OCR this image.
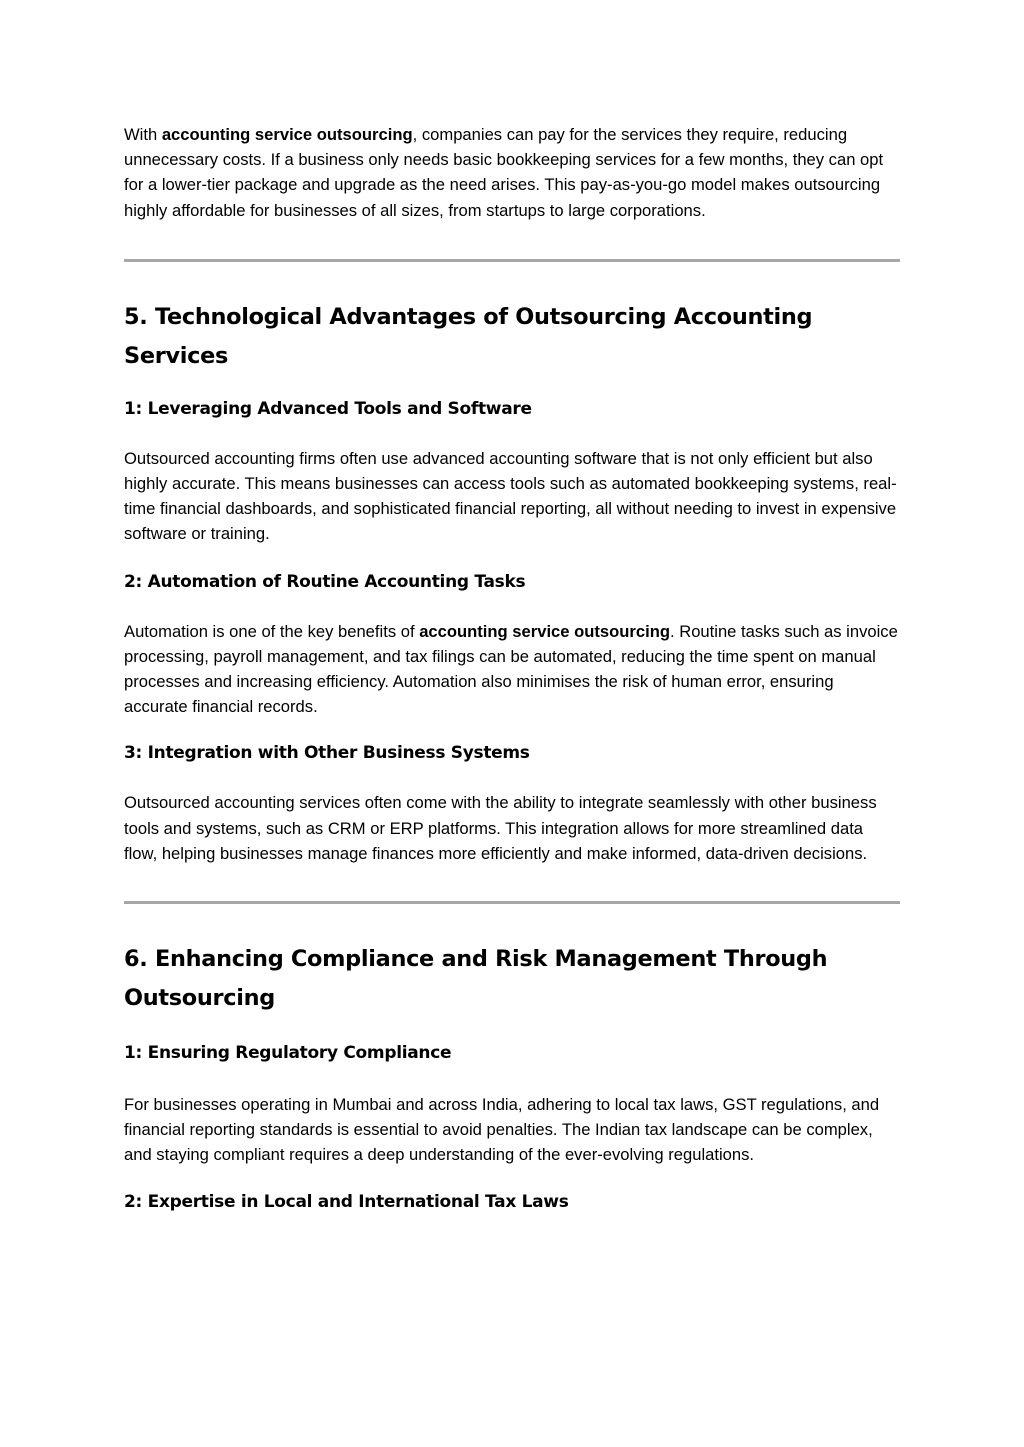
With accounting service outsourcing, companies can pay for the services they require, reducing unnecessary costs. If a business only needs basic bookkeeping services for a few months, they can opt for a lower-tier package and upgrade as the need arises. This pay-as-you-go model makes outsourcing highly affordable for businesses of all sizes, from startups to large corporations.

5. Technological Advantages of Outsourcing Accounting Services
1: Leveraging Advanced Tools and Software

Outsourced accounting firms often use advanced accounting software that is not only efficient but also highly accurate. This means businesses can access tools such as automated bookkeeping systems, real-time financial dashboards, and sophisticated financial reporting, all without needing to invest in expensive software or training.

2: Automation of Routine Accounting Tasks

Automation is one of the key benefits of accounting service outsourcing. Routine tasks such as invoice processing, payroll management, and tax filings can be automated, reducing the time spent on manual processes and increasing efficiency. Automation also minimises the risk of human error, ensuring accurate financial records.

3: Integration with Other Business Systems

Outsourced accounting services often come with the ability to integrate seamlessly with other business tools and systems, such as CRM or ERP platforms. This integration allows for more streamlined data flow, helping businesses manage finances more efficiently and make informed, data-driven decisions.

6. Enhancing Compliance and Risk Management Through Outsourcing
1: Ensuring Regulatory Compliance

For businesses operating in Mumbai and across India, adhering to local tax laws, GST regulations, and financial reporting standards is essential to avoid penalties. The Indian tax landscape can be complex, and staying compliant requires a deep understanding of the ever-evolving regulations.

2: Expertise in Local and International Tax Laws
